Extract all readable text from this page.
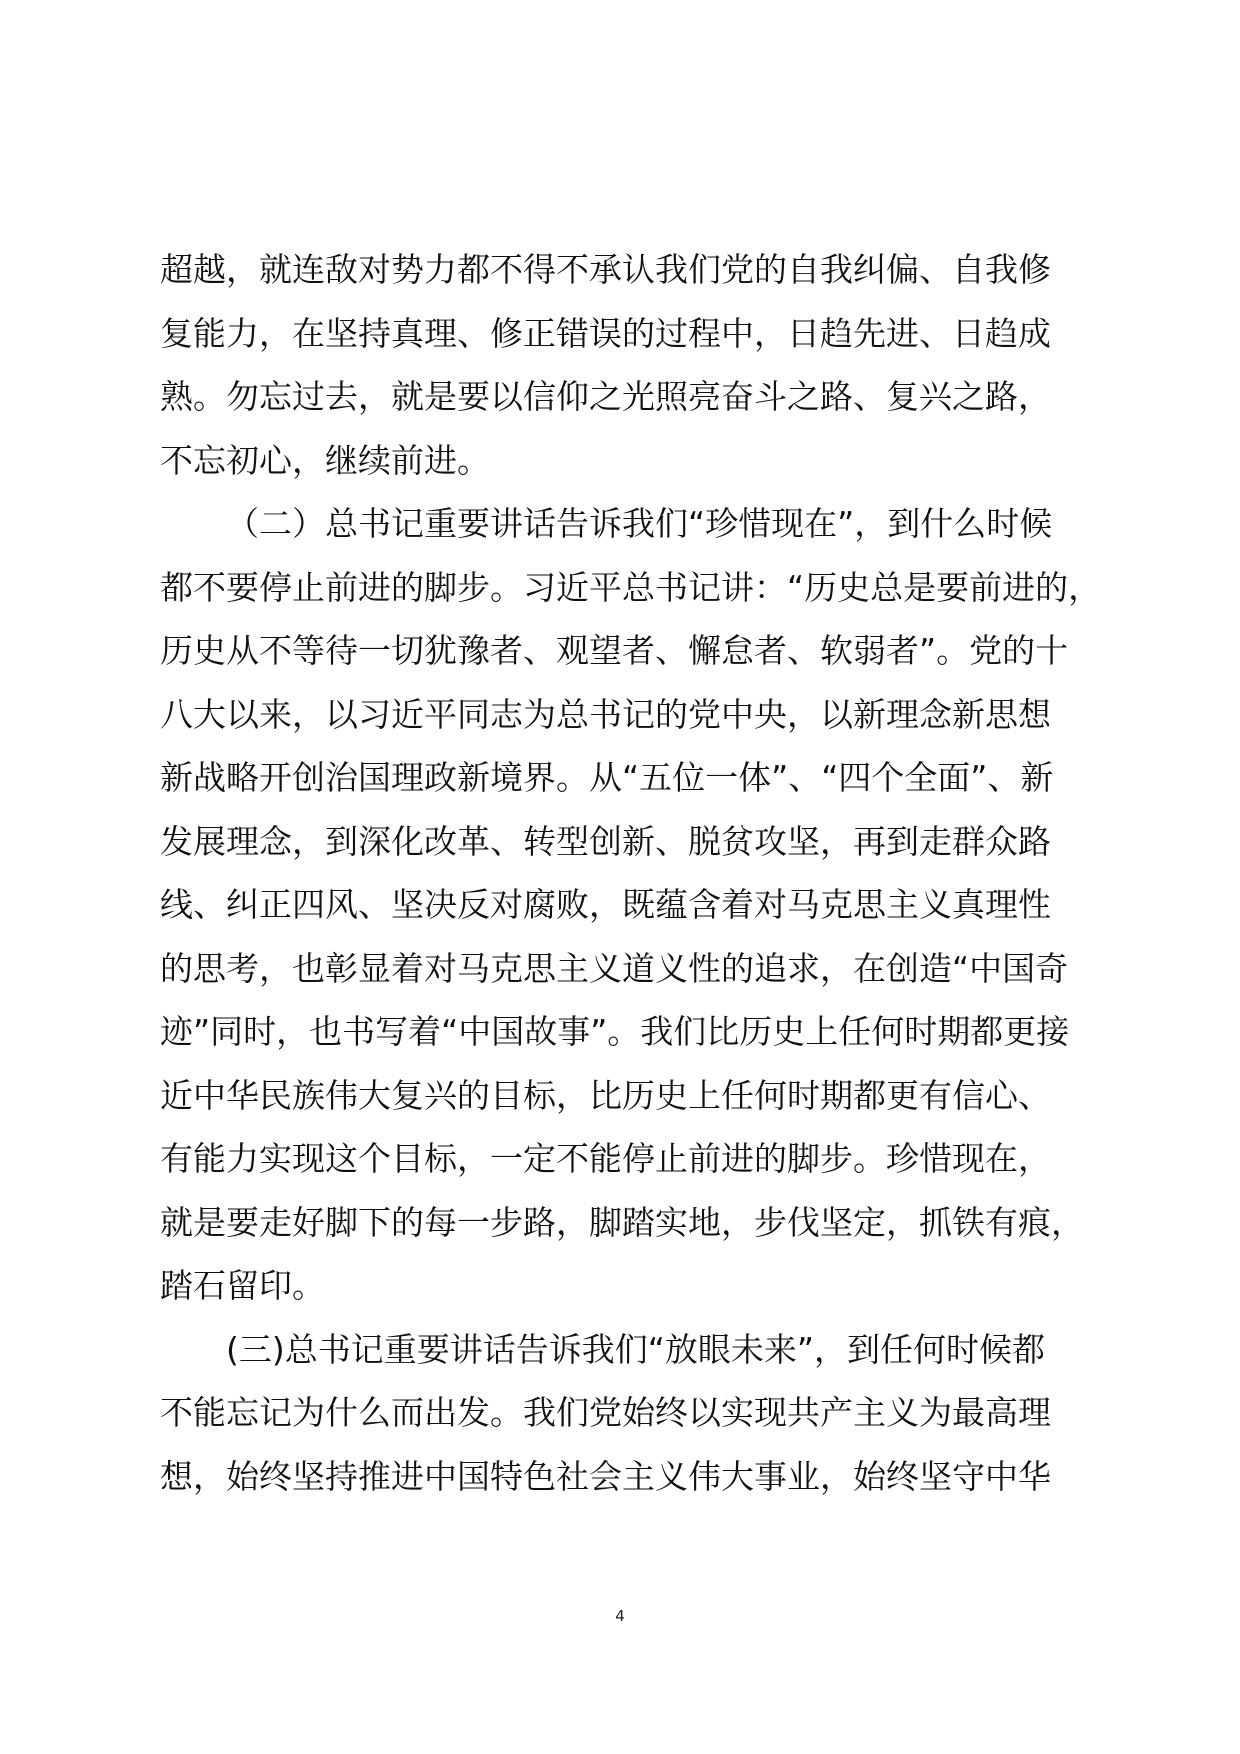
超越，就连敌对势力都不得不承认我们党的自我纠偏、自我修
复能力，在坚持真理、修正错误的过程中，日趋先进、日趋成
熟。勿忘过去，就是要以信仰之光照亮奋斗之路、复兴之路，
不忘初心，继续前进。
（二）总书记重要讲话告诉我们“珍惜现在”，到什么时候
都不要停止前进的脚步。习近平总书记讲：“历史总是要前进的，
历史从不等待一切犹豫者、观望者、懈怠者、软弱者”。党的十
八大以来，以习近平同志为总书记的党中央，以新理念新思想
新战略开创治国理政新境界。从“五位一体”、“四个全面”、新
发展理念，到深化改革、转型创新、脱贫攻坚，再到走群众路
线、纠正四风、坚决反对腐败，既蕴含着对马克思主义真理性
的思考，也彰显着对马克思主义道义性的追求，在创造“中国奇
迹”同时，也书写着“中国故事”。我们比历史上任何时期都更接
近中华民族伟大复兴的目标，比历史上任何时期都更有信心、
有能力实现这个目标，一定不能停止前进的脚步。珍惜现在，
就是要走好脚下的每一步路，脚踏实地，步伐坚定，抓铁有痕，
踏石留印。
(三)总书记重要讲话告诉我们“放眼未来”，到任何时候都
不能忘记为什么而出发。我们党始终以实现共产主义为最高理
想，始终坚持推进中国特色社会主义伟大事业，始终坚守中华
4
